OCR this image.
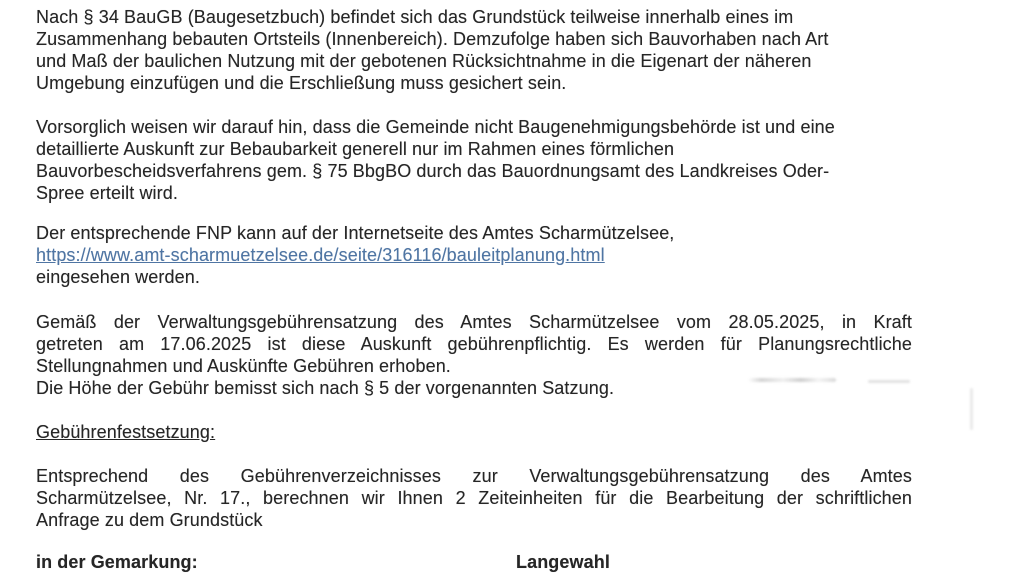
Nach § 34 BauGB (Baugesetzbuch) befindet sich das Grundstück teilweise innerhalb eines im
Zusammenhang bebauten Ortsteils (Innenbereich). Demzufolge haben sich Bauvorhaben nach Art
und Maß der baulichen Nutzung mit der gebotenen Rücksichtnahme in die Eigenart der näheren
Umgebung einzufügen und die Erschließung muss gesichert sein.
Vorsorglich weisen wir darauf hin, dass die Gemeinde nicht Baugenehmigungsbehörde ist und eine
detaillierte Auskunft zur Bebaubarkeit generell nur im Rahmen eines förmlichen
Bauvorbescheidsverfahrens gem. § 75 BbgBO durch das Bauordnungsamt des Landkreises Oder-
Spree erteilt wird.
Der entsprechende FNP kann auf der Internetseite des Amtes Scharmützelsee,
https://www.amt-scharmuetzelsee.de/seite/316116/bauleitplanung.html
eingesehen werden.
Gemäß der Verwaltungsgebührensatzung des Amtes Scharmützelsee vom 28.05.2025, in Kraft
getreten am 17.06.2025 ist diese Auskunft gebührenpflichtig. Es werden für Planungsrechtliche
Stellungnahmen und Auskünfte Gebühren erhoben.
Die Höhe der Gebühr bemisst sich nach § 5 der vorgenannten Satzung.
Gebührenfestsetzung:
Entsprechend des Gebührenverzeichnisses zur Verwaltungsgebührensatzung des Amtes
Scharmützelsee, Nr. 17., berechnen wir Ihnen 2 Zeiteinheiten für die Bearbeitung der schriftlichen
Anfrage zu dem Grundstück
in der Gemarkung:	Langewahl
